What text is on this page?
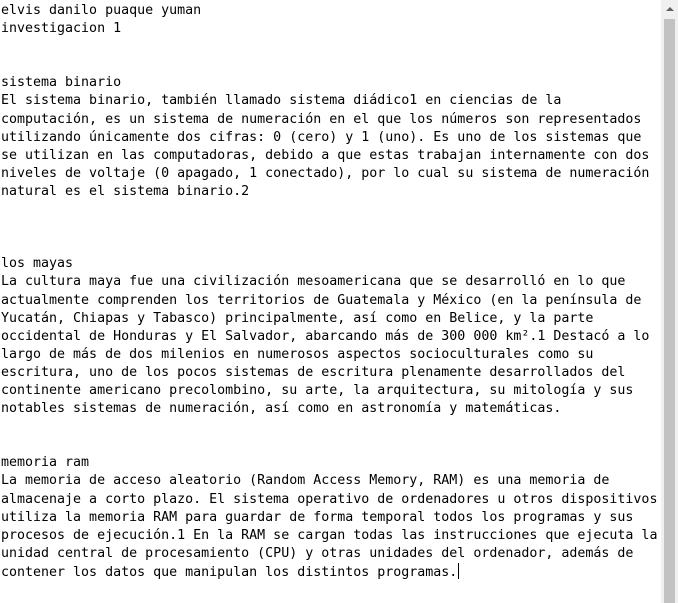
elvis danilo puaque yuman
investigacion 1
sistema binario
El sistema binario, también llamado sistema diádico1 en ciencias de la
computación, es un sistema de numeración en el que los números son representados
utilizando únicamente dos cifras: 0 (cero) y 1 (uno). Es uno de los sistemas que
se utilizan en las computadoras, debido a que estas trabajan internamente con dos
niveles de voltaje (0 apagado, 1 conectado), por lo cual su sistema de numeración
natural es el sistema binario.2
los mayas
La cultura maya fue una civilización mesoamericana que se desarrolló en lo que
actualmente comprenden los territorios de Guatemala y México (en la península de
Yucatán, Chiapas y Tabasco) principalmente, así como en Belice, y la parte
occidental de Honduras y El Salvador, abarcando más de 300 000 km².1 Destacó a lo
largo de más de dos milenios en numerosos aspectos socioculturales como su
escritura, uno de los pocos sistemas de escritura plenamente desarrollados del
continente americano precolombino, su arte, la arquitectura, su mitología y sus
notables sistemas de numeración, así como en astronomía y matemáticas.
memoria ram
La memoria de acceso aleatorio (Random Access Memory, RAM) es una memoria de
almacenaje a corto plazo. El sistema operativo de ordenadores u otros dispositivos
utiliza la memoria RAM para guardar de forma temporal todos los programas y sus
procesos de ejecución.1 En la RAM se cargan todas las instrucciones que ejecuta la
unidad central de procesamiento (CPU) y otras unidades del ordenador, además de
contener los datos que manipulan los distintos programas.
